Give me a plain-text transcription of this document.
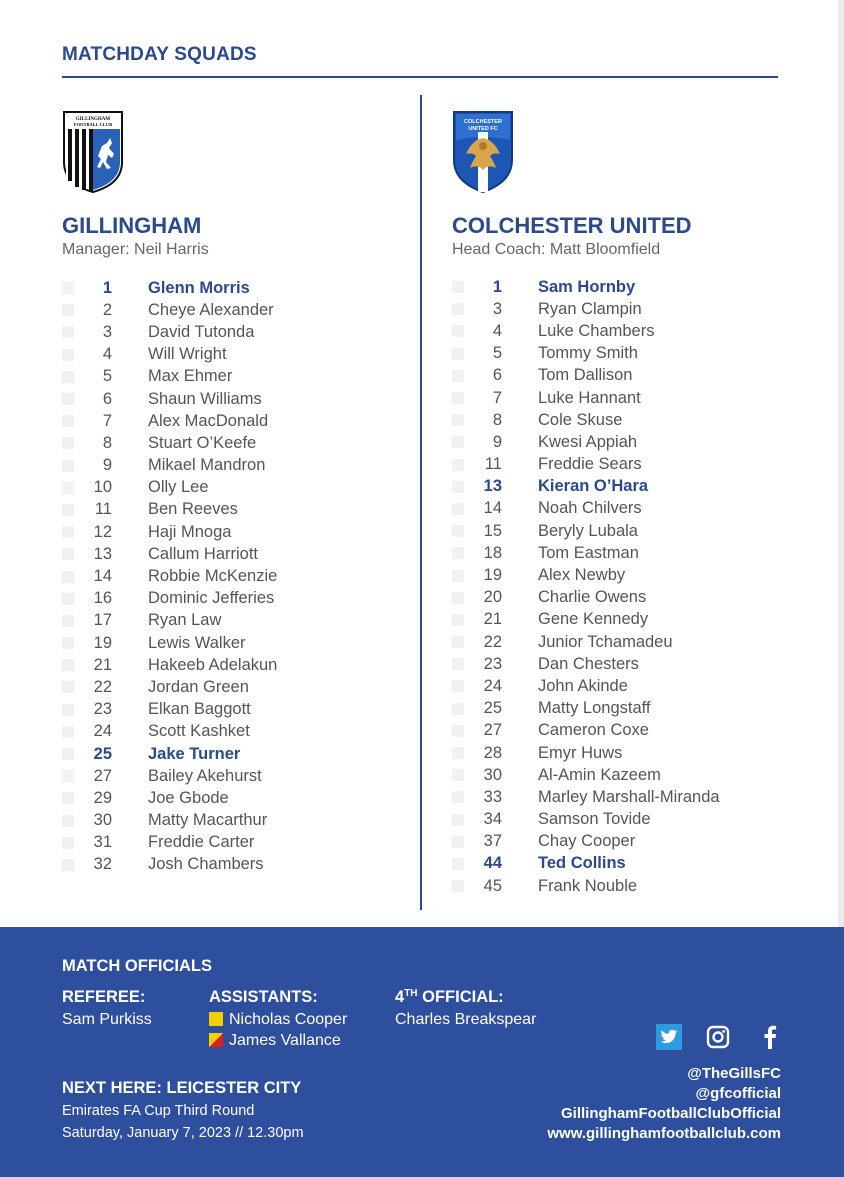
MATCHDAY SQUADS
GILLINGHAM
FOOTBALL CLUB
GILLINGHAM
Manager: Neil Harris
1 Glenn Morris
2 Cheye Alexander
3 David Tutonda
4 Will Wright
5 Max Ehmer
6 Shaun Williams
7 Alex MacDonald
8 Stuart O’Keefe
9 Mikael Mandron
10 Olly Lee
11 Ben Reeves
12 Haji Mnoga
13 Callum Harriott
14 Robbie McKenzie
16 Dominic Jefferies
17 Ryan Law
19 Lewis Walker
21 Hakeeb Adelakun
22 Jordan Green
23 Elkan Baggott
24 Scott Kashket
25 Jake Turner
27 Bailey Akehurst
29 Joe Gbode
30 Matty Macarthur
31 Freddie Carter
32 Josh Chambers
COLCHESTER
UNITED FC
COLCHESTER UNITED
Head Coach: Matt Bloomfield
1 Sam Hornby
3 Ryan Clampin
4 Luke Chambers
5 Tommy Smith
6 Tom Dallison
7 Luke Hannant
8 Cole Skuse
9 Kwesi Appiah
11 Freddie Sears
13 Kieran O’Hara
14 Noah Chilvers
15 Beryly Lubala
18 Tom Eastman
19 Alex Newby
20 Charlie Owens
21 Gene Kennedy
22 Junior Tchamadeu
23 Dan Chesters
24 John Akinde
25 Matty Longstaff
27 Cameron Coxe
28 Emyr Huws
30 Al-Amin Kazeem
33 Marley Marshall-Miranda
34 Samson Tovide
37 Chay Cooper
44 Ted Collins
45 Frank Nouble
MATCH OFFICIALS
REFEREE:
Sam Purkiss
ASSISTANTS:
Nicholas Cooper
James Vallance
4TH OFFICIAL:
Charles Breakspear
NEXT HERE: LEICESTER CITY
Emirates FA Cup Third Round
Saturday, January 7, 2023 // 12.30pm
@TheGillsFC
@gfcofficial
GillinghamFootballClubOfficial
www.gillinghamfootballclub.com
